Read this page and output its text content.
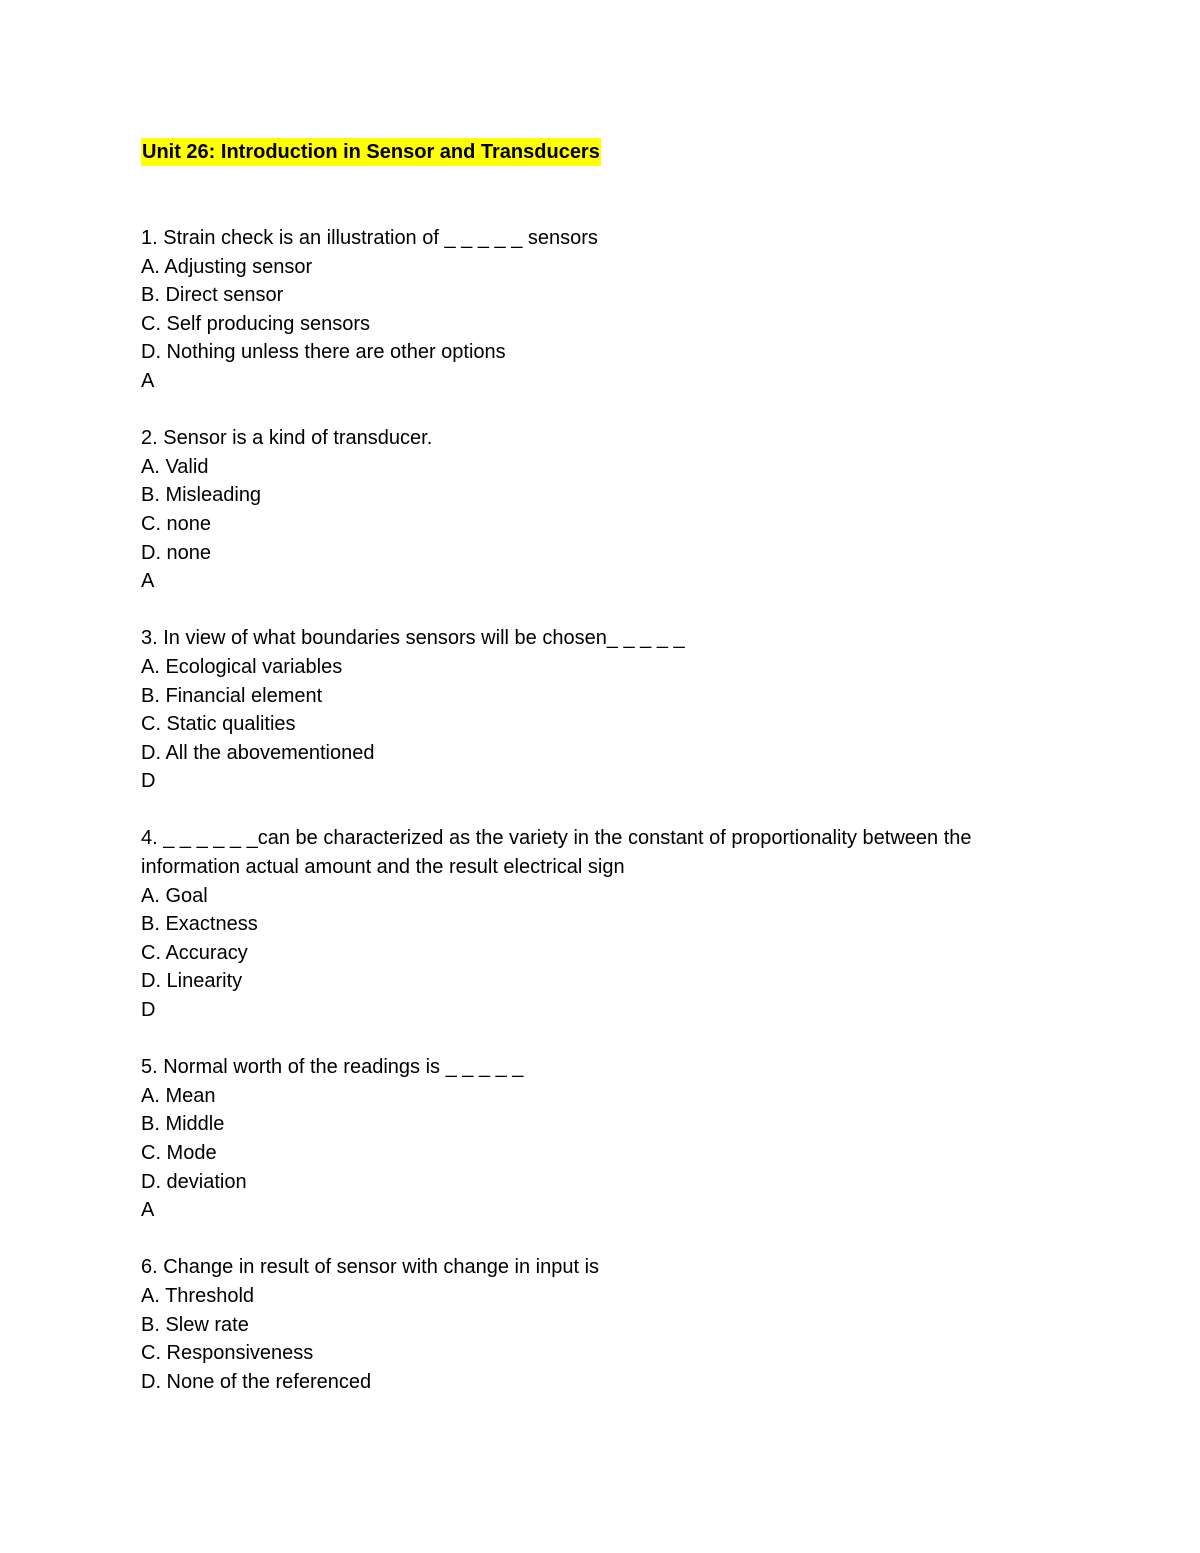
Unit 26: Introduction in Sensor and Transducers

1. Strain check is an illustration of _ _ _ _ _ sensors

A. Adjusting sensor

B. Direct sensor

C. Self producing sensors

D. Nothing unless there are other options

A

2. Sensor is a kind of transducer.

A. Valid

B. Misleading

C. none

D. none

A

3. In view of what boundaries sensors will be chosen_ _ _ _ _

A. Ecological variables

B. Financial element

C. Static qualities

D. All the abovementioned

D

4. _ _ _ _ _ _can be characterized as the variety in the constant of proportionality between the information actual amount and the result electrical sign

A. Goal

B. Exactness

C. Accuracy

D. Linearity

D

5. Normal worth of the readings is _ _ _ _ _

A. Mean

B. Middle

C. Mode

D. deviation

A

6. Change in result of sensor with change in input is

A. Threshold

B. Slew rate

C. Responsiveness

D. None of the referenced
